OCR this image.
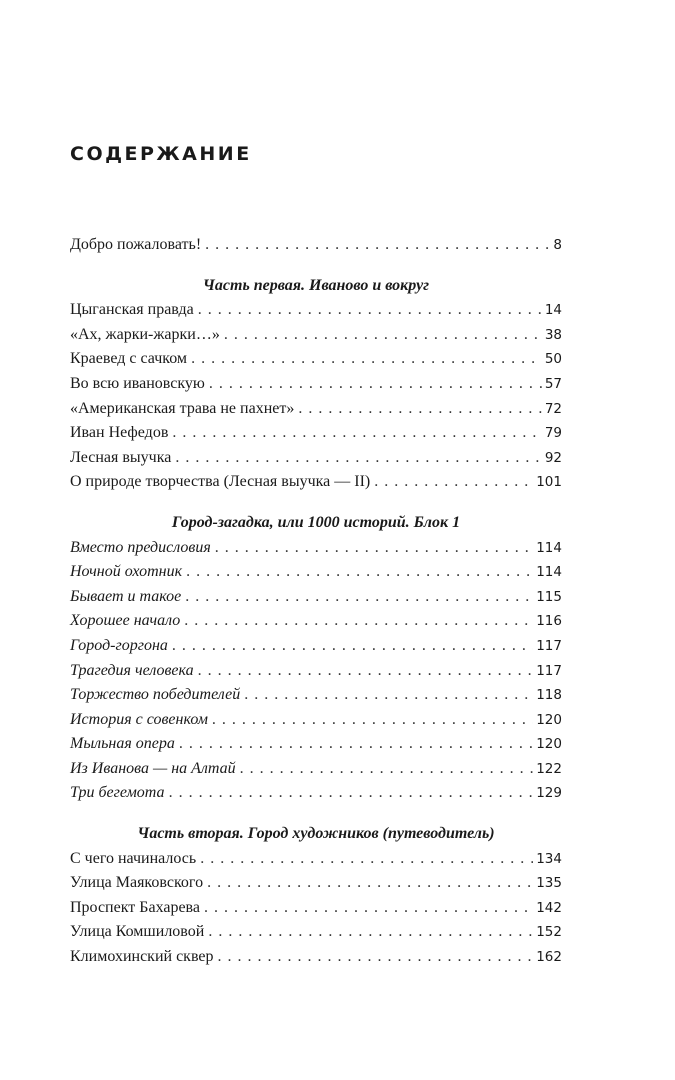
СОДЕРЖАНИЕ
Добро пожаловать! . . .	8
Часть первая. Иваново и вокруг
Цыганская правда . . .	14
«Ах, жарки-жарки…» . . .	38
Краевед с сачком . . .	50
Во всю ивановскую . . .	57
«Американская трава не пахнет» . . .	72
Иван Нефедов . . .	79
Лесная выучка . . .	92
О природе творчества (Лесная выучка — II) . . .	101
Город-загадка, или 1000 историй. Блок 1
Вместо предисловия . . .	114
Ночной охотник . . .	114
Бывает и такое . . .	115
Хорошее начало . . .	116
Город-горгона . . .	117
Трагедия человека . . .	117
Торжество победителей . . .	118
История с совенком . . .	120
Мыльная опера . . .	120
Из Иванова — на Алтай . . .	122
Три бегемота . . .	129
Часть вторая. Город художников (путеводитель)
С чего начиналось . . .	134
Улица Маяковского . . .	135
Проспект Бахарева . . .	142
Улица Комшиловой . . .	152
Климохинский сквер . . .	162
